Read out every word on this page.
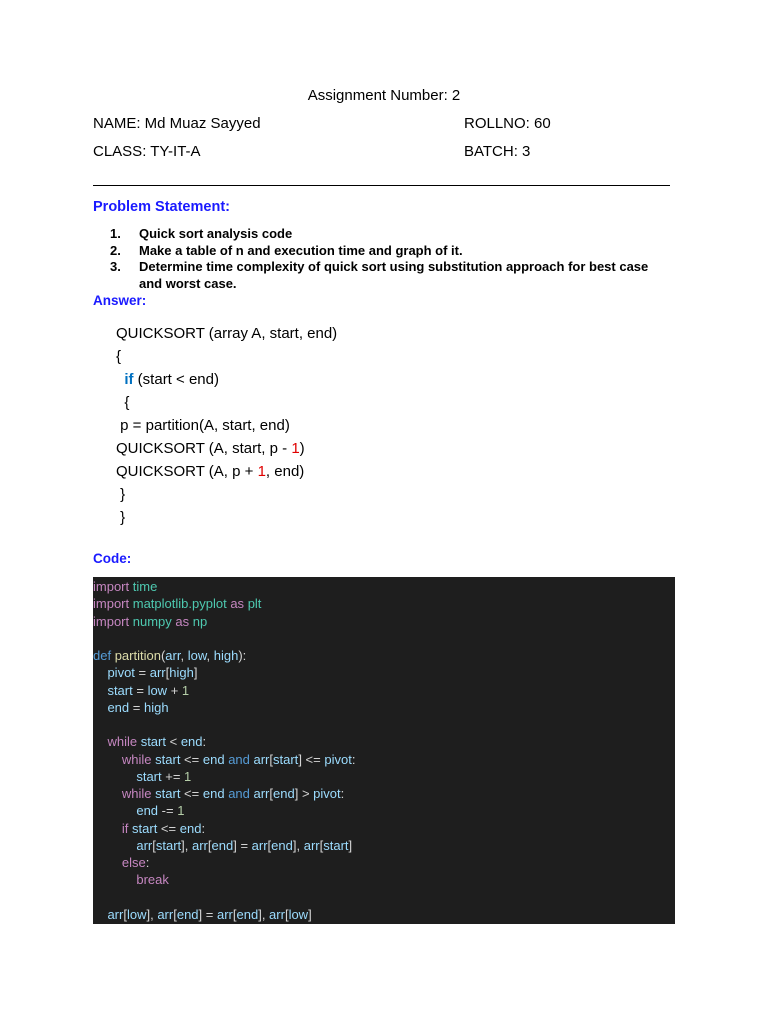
Assignment Number: 2
NAME: Md Muaz Sayyed	ROLLNO: 60
CLASS: TY-IT-A	BATCH: 3
Problem Statement:
1. Quick sort analysis code
2. Make a table of n and execution time and graph of it.
3. Determine time complexity of quick sort using substitution approach for best case and worst case.
Answer:
QUICKSORT (array A, start, end)
{
if (start < end)
{
p = partition(A, start, end)
QUICKSORT (A, start, p - 1)
QUICKSORT (A, p + 1, end)
}
}
Code:
import time
import matplotlib.pyplot as plt
import numpy as np

def partition(arr, low, high):
pivot = arr[high]
start = low + 1
end = high

while start < end:
while start <= end and arr[start] <= pivot:
start += 1
while start <= end and arr[end] > pivot:
end -= 1
if start <= end:
arr[start], arr[end] = arr[end], arr[start]
else:
break

arr[low], arr[end] = arr[end], arr[low]
